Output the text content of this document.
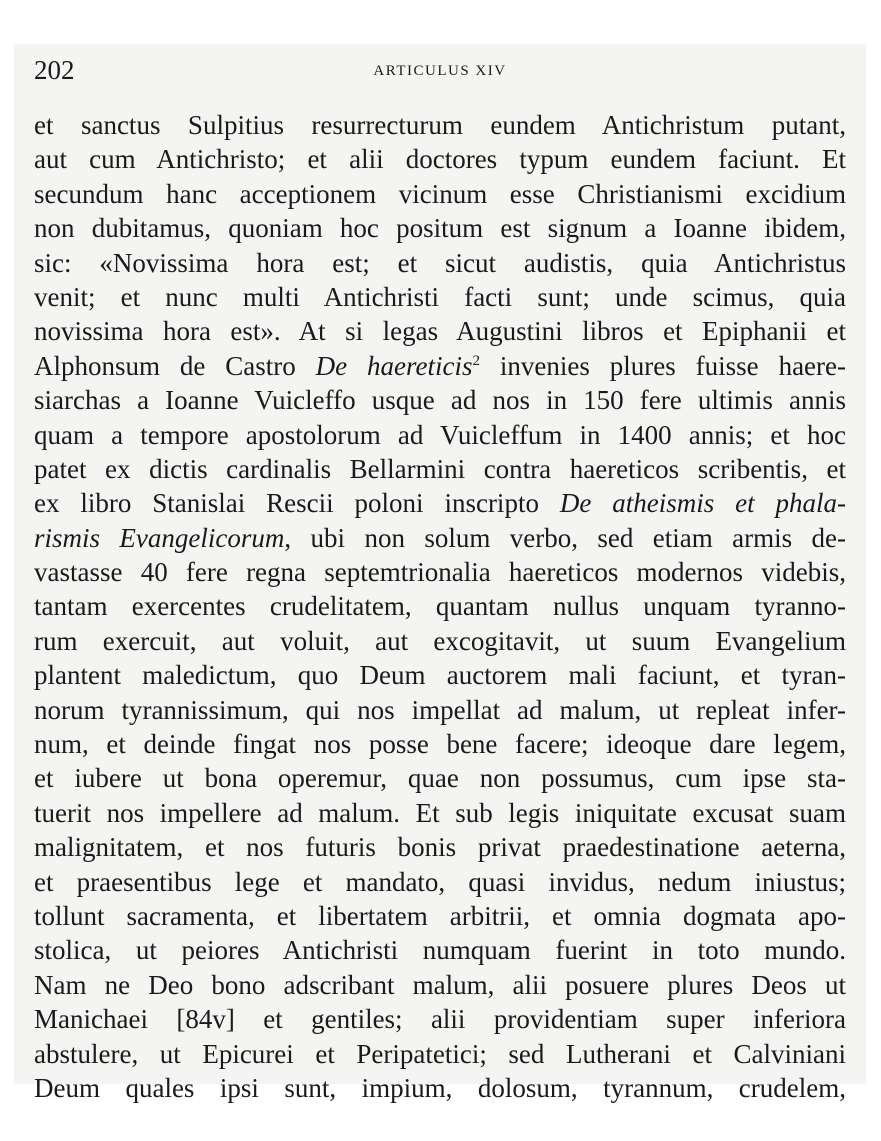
202	ARTICULUS XIV
et sanctus Sulpitius resurrecturum eundem Antichristum putant,
aut cum Antichristo; et alii doctores typum eundem faciunt. Et
secundum hanc acceptionem vicinum esse Christianismi excidium
non dubitamus, quoniam hoc positum est signum a Ioanne ibidem,
sic: «Novissima hora est; et sicut audistis, quia Antichristus
venit; et nunc multi Antichristi facti sunt; unde scimus, quia
novissima hora est». At si legas Augustini libros et Epiphanii et
Alphonsum de Castro De haereticis$^2$ invenies plures fuisse haere-
siarchas a Ioanne Vuicleffo usque ad nos in 150 fere ultimis annis
quam a tempore apostolorum ad Vuicleffum in 1400 annis; et hoc
patet ex dictis cardinalis Bellarmini contra haereticos scribentis, et
ex libro Stanislai Rescii poloni inscripto De atheismis et phala-
rismis Evangelicorum, ubi non solum verbo, sed etiam armis de-
vastasse 40 fere regna septemtrionalia haereticos modernos videbis,
tantam exercentes crudelitatem, quantam nullus unquam tyranno-
rum exercuit, aut voluit, aut excogitavit, ut suum Evangelium
plantent maledictum, quo Deum auctorem mali faciunt, et tyran-
norum tyrannissimum, qui nos impellat ad malum, ut repleat infer-
num, et deinde fingat nos posse bene facere; ideoque dare legem,
et iubere ut bona operemur, quae non possumus, cum ipse sta-
tuerit nos impellere ad malum. Et sub legis iniquitate excusat suam
malignitatem, et nos futuris bonis privat praedestinatione aeterna,
et praesentibus lege et mandato, quasi invidus, nedum iniustus;
tollunt sacramenta, et libertatem arbitrii, et omnia dogmata apo-
stolica, ut peiores Antichristi numquam fuerint in toto mundo.
Nam ne Deo bono adscribant malum, alii posuere plures Deos ut
Manichaei [84v] et gentiles; alii providentiam super inferiora
abstulere, ut Epicurei et Peripatetici; sed Lutherani et Calviniani
Deum quales ipsi sunt, impium, dolosum, tyrannum, crudelem,
